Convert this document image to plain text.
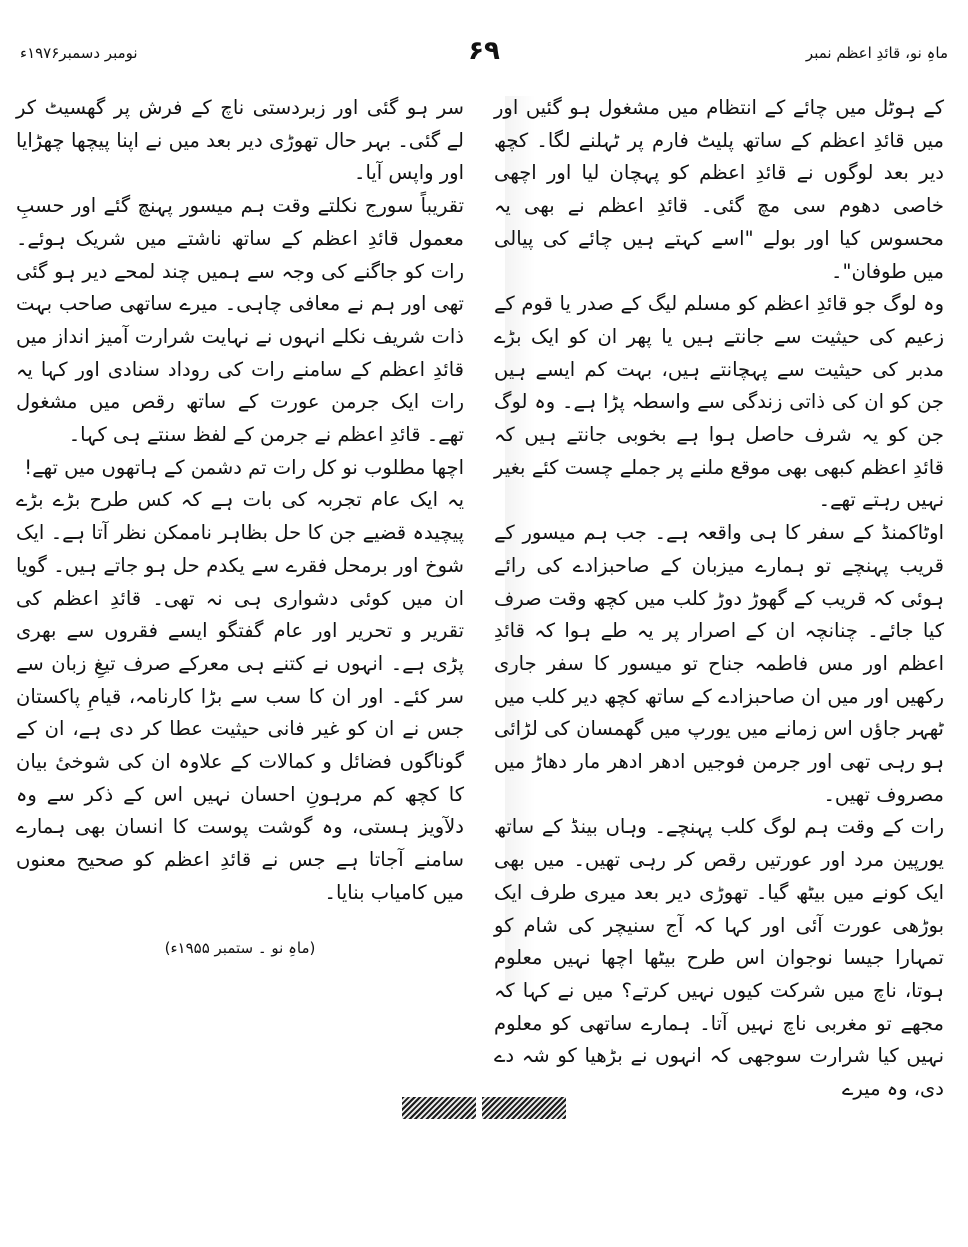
نومبر دسمبر۱۹۷۶ء	۶۹	ماہِ نو، قائدِ اعظم نمبر

کے ہوٹل میں چائے کے انتظام میں مشغول ہو گئیں اور میں قائدِ اعظم کے ساتھ پلیٹ فارم پر ٹہلنے لگا۔ کچھ دیر بعد لوگوں نے قائدِ اعظم کو پہچان لیا اور اچھی خاصی دھوم سی مچ گئی۔ قائدِ اعظم نے بھی یہ محسوس کیا اور بولے "اسے کہتے ہیں چائے کی پیالی میں طوفان"۔

وہ لوگ جو قائدِ اعظم کو مسلم لیگ کے صدر یا قوم کے زعیم کی حیثیت سے جانتے ہیں یا پھر ان کو ایک بڑے مدبر کی حیثیت سے پہچانتے ہیں، بہت کم ایسے ہیں جن کو ان کی ذاتی زندگی سے واسطہ پڑا ہے۔ وہ لوگ جن کو یہ شرف حاصل ہوا ہے بخوبی جانتے ہیں کہ قائدِ اعظم کبھی بھی موقع ملنے پر جملے چست کئے بغیر نہیں رہتے تھے۔

اوٹاکمنڈ کے سفر کا ہی واقعہ ہے۔ جب ہم میسور کے قریب پہنچے تو ہمارے میزبان کے صاحبزادے کی رائے ہوئی کہ قریب کے گھوڑ دوڑ کلب میں کچھ وقت صرف کیا جائے۔ چنانچہ ان کے اصرار پر یہ طے ہوا کہ قائدِ اعظم اور مس فاطمہ جناح تو میسور کا سفر جاری رکھیں اور میں ان صاحبزادے کے ساتھ کچھ دیر کلب میں ٹھہر جاؤں اس زمانے میں یورپ میں گھمسان کی لڑائی ہو رہی تھی اور جرمن فوجیں ادھر ادھر مار دھاڑ میں مصروف تھیں۔

رات کے وقت ہم لوگ کلب پہنچے۔ وہاں بینڈ کے ساتھ یورپین مرد اور عورتیں رقص کر رہی تھیں۔ میں بھی ایک کونے میں بیٹھ گیا۔ تھوڑی دیر بعد میری طرف ایک بوڑھی عورت آئی اور کہا کہ آج سنیچر کی شام کو تمہارا جیسا نوجوان اس طرح بیٹھا اچھا نہیں معلوم ہوتا، ناچ میں شرکت کیوں نہیں کرتے؟ میں نے کہا کہ مجھے تو مغربی ناچ نہیں آتا۔ ہمارے ساتھی کو معلوم نہیں کیا شرارت سوجھی کہ انہوں نے بڑھیا کو شہ دے دی، وہ میرے

سر ہو گئی اور زبردستی ناچ کے فرش پر گھسیٹ کر لے گئی۔ بہر حال تھوڑی دیر بعد میں نے اپنا پیچھا چھڑایا اور واپس آیا۔

تقریباً سورج نکلتے وقت ہم میسور پہنچ گئے اور حسبِ معمول قائدِ اعظم کے ساتھ ناشتے میں شریک ہوئے۔ رات کو جاگنے کی وجہ سے ہمیں چند لمحے دیر ہو گئی تھی اور ہم نے معافی چاہی۔ میرے ساتھی صاحب بہت ذات شریف نکلے انہوں نے نہایت شرارت آمیز انداز میں قائدِ اعظم کے سامنے رات کی روداد سنادی اور کہا یہ رات ایک جرمن عورت کے ساتھ رقص میں مشغول تھے۔ قائدِ اعظم نے جرمن کے لفظ سنتے ہی کہا۔

اچھا مطلوب نو کل رات تم دشمن کے ہاتھوں میں تھے!

یہ ایک عام تجربہ کی بات ہے کہ کس طرح بڑے بڑے پیچیدہ قضیے جن کا حل بظاہر ناممکن نظر آتا ہے۔ ایک شوخ اور برمحل فقرے سے یکدم حل ہو جاتے ہیں۔ گویا ان میں کوئی دشواری ہی نہ تھی۔ قائدِ اعظم کی تقریر و تحریر اور عام گفتگو ایسے فقروں سے بھری پڑی ہے۔ انہوں نے کتنے ہی معرکے صرف تیغِ زبان سے سر کئے۔ اور ان کا سب سے بڑا کارنامہ، قیامِ پاکستان جس نے ان کو غیر فانی حیثیت عطا کر دی ہے، ان کے گوناگوں فضائل و کمالات کے علاوہ ان کی شوخیٔ بیان کا کچھ کم مرہونِ احسان نہیں اس کے ذکر سے وہ دلآویز ہستی، وہ گوشت پوست کا انسان بھی ہمارے سامنے آجاتا ہے جس نے قائدِ اعظم کو صحیح معنوں میں کامیاب بنایا۔

(ماہِ نو ۔ ستمبر ۱۹۵۵ء)
